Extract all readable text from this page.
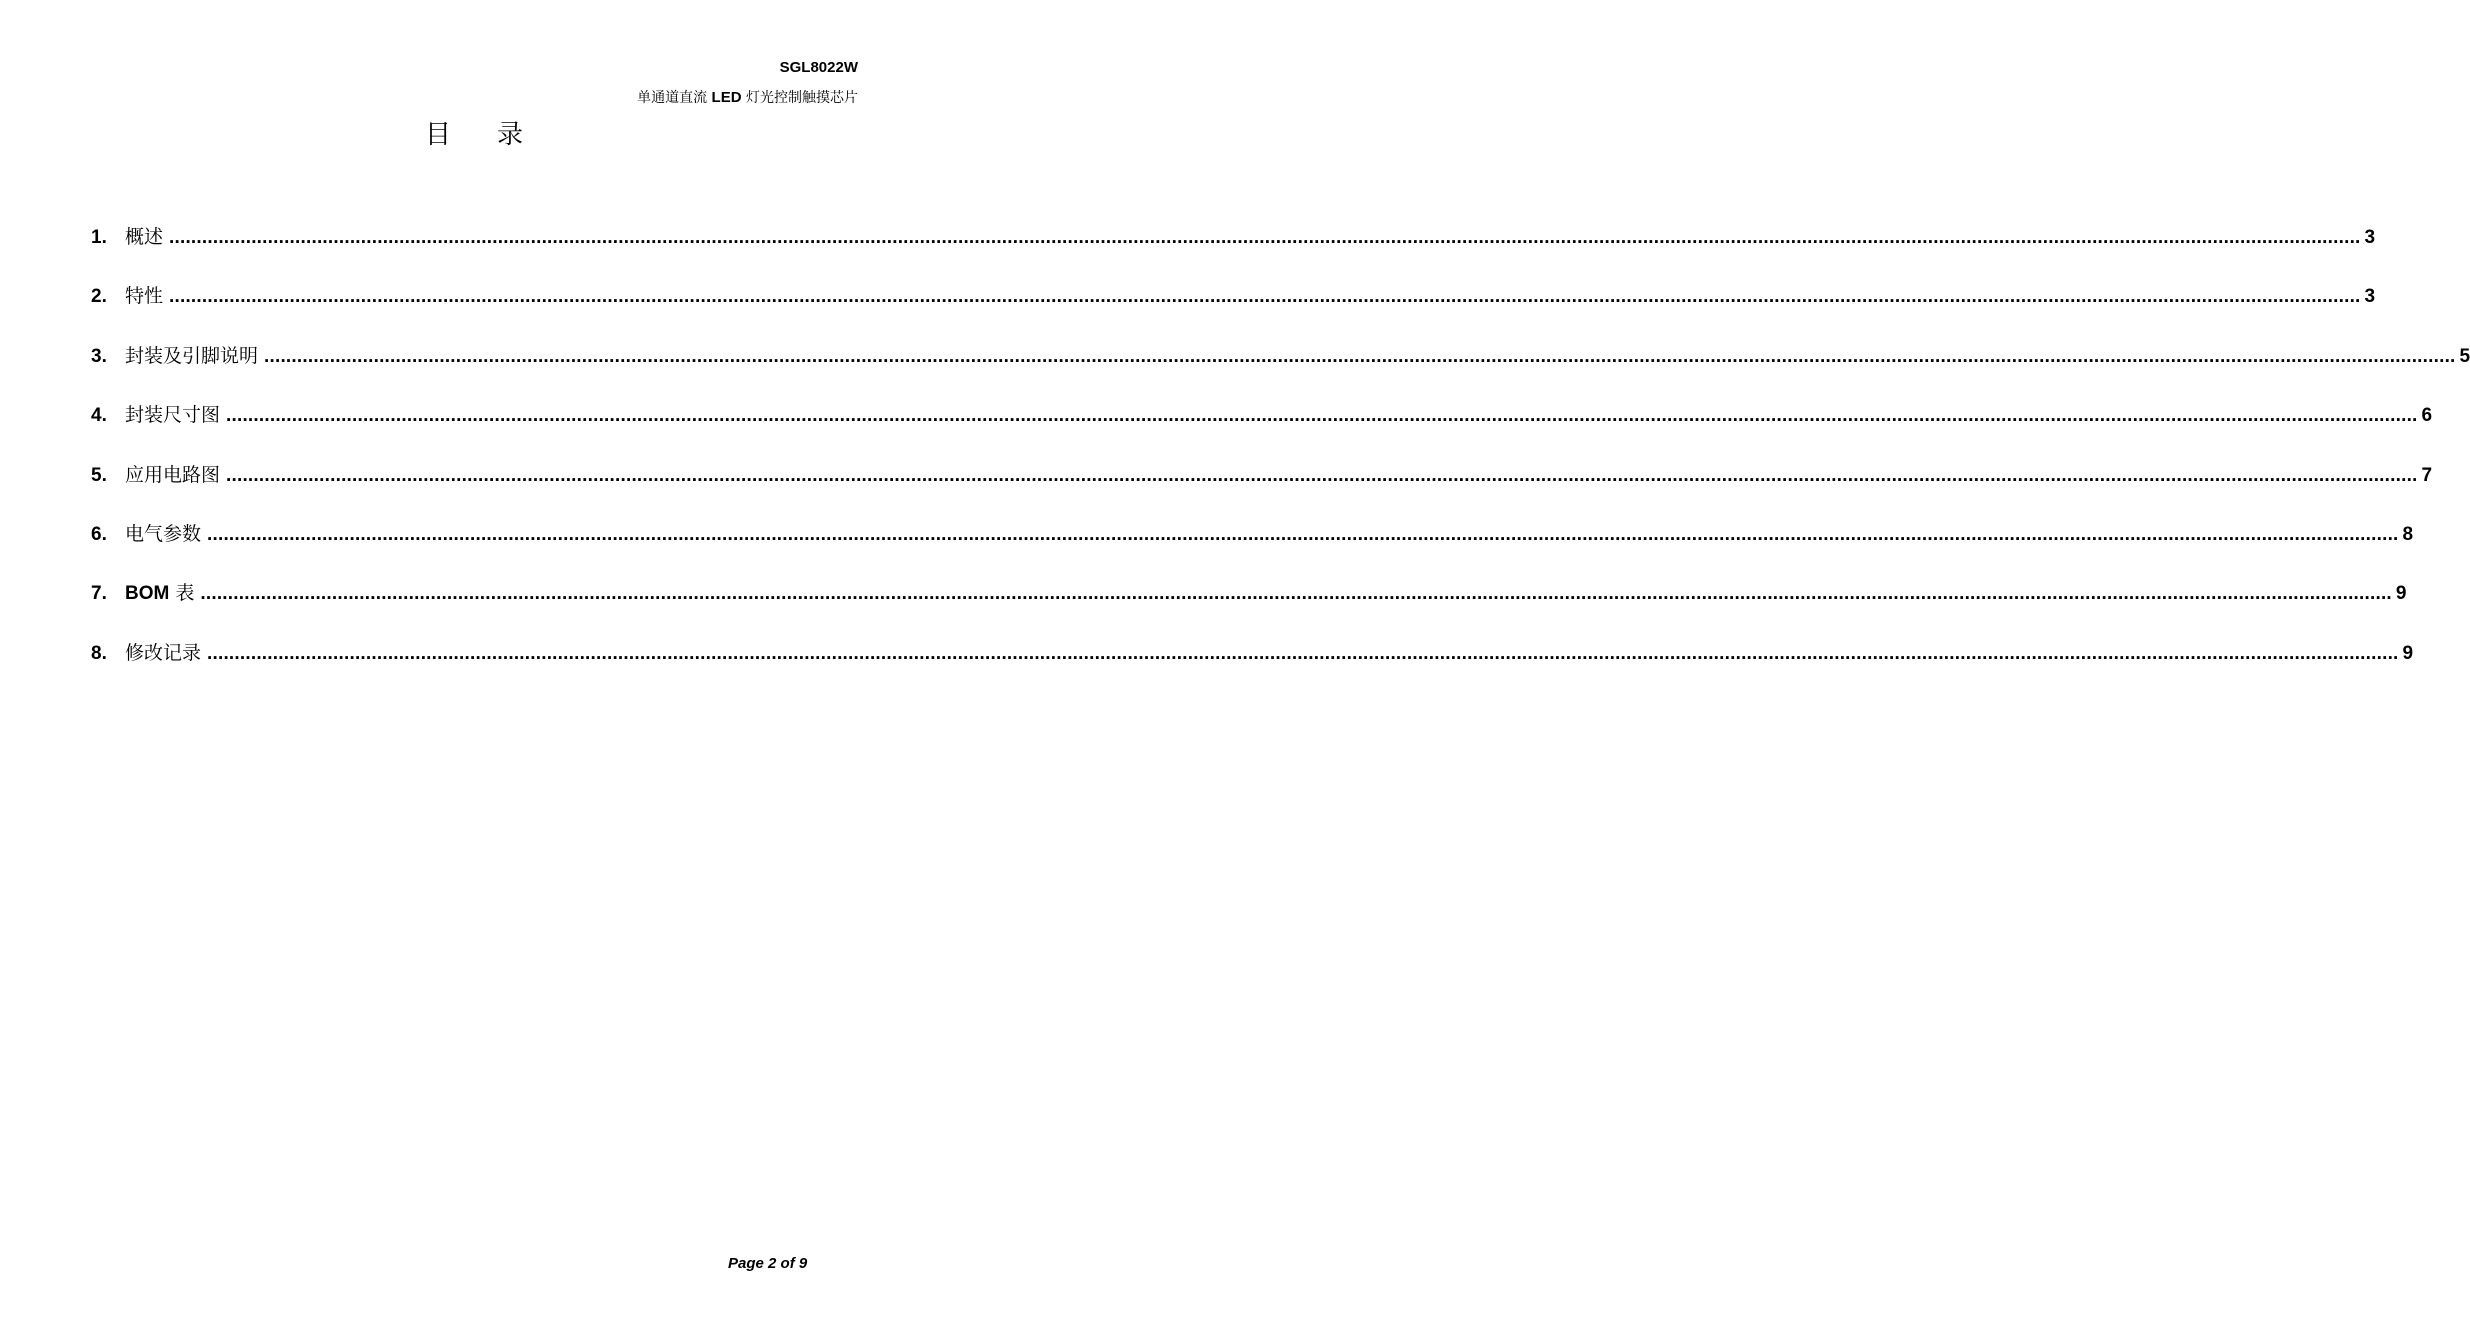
SGL8022W
单通道直流 LED 灯光控制触摸芯片
目 录
1. 概述 ................................................................................................................................................................................................................................................................................................................................................................................................................ 3
2. 特性 ................................................................................................................................................................................................................................................................................................................................................................................................................ 3
3. 封装及引脚说明 ................................................................................................................................................................................................................................................................................................................................................................................................................ 5
4. 封装尺寸图 ................................................................................................................................................................................................................................................................................................................................................................................................................ 6
5. 应用电路图 ................................................................................................................................................................................................................................................................................................................................................................................................................ 7
6. 电气参数 ................................................................................................................................................................................................................................................................................................................................................................................................................ 8
7. BOM 表 ................................................................................................................................................................................................................................................................................................................................................................................................................ 9
8. 修改记录 ................................................................................................................................................................................................................................................................................................................................................................................................................ 9
Page 2 of 9
